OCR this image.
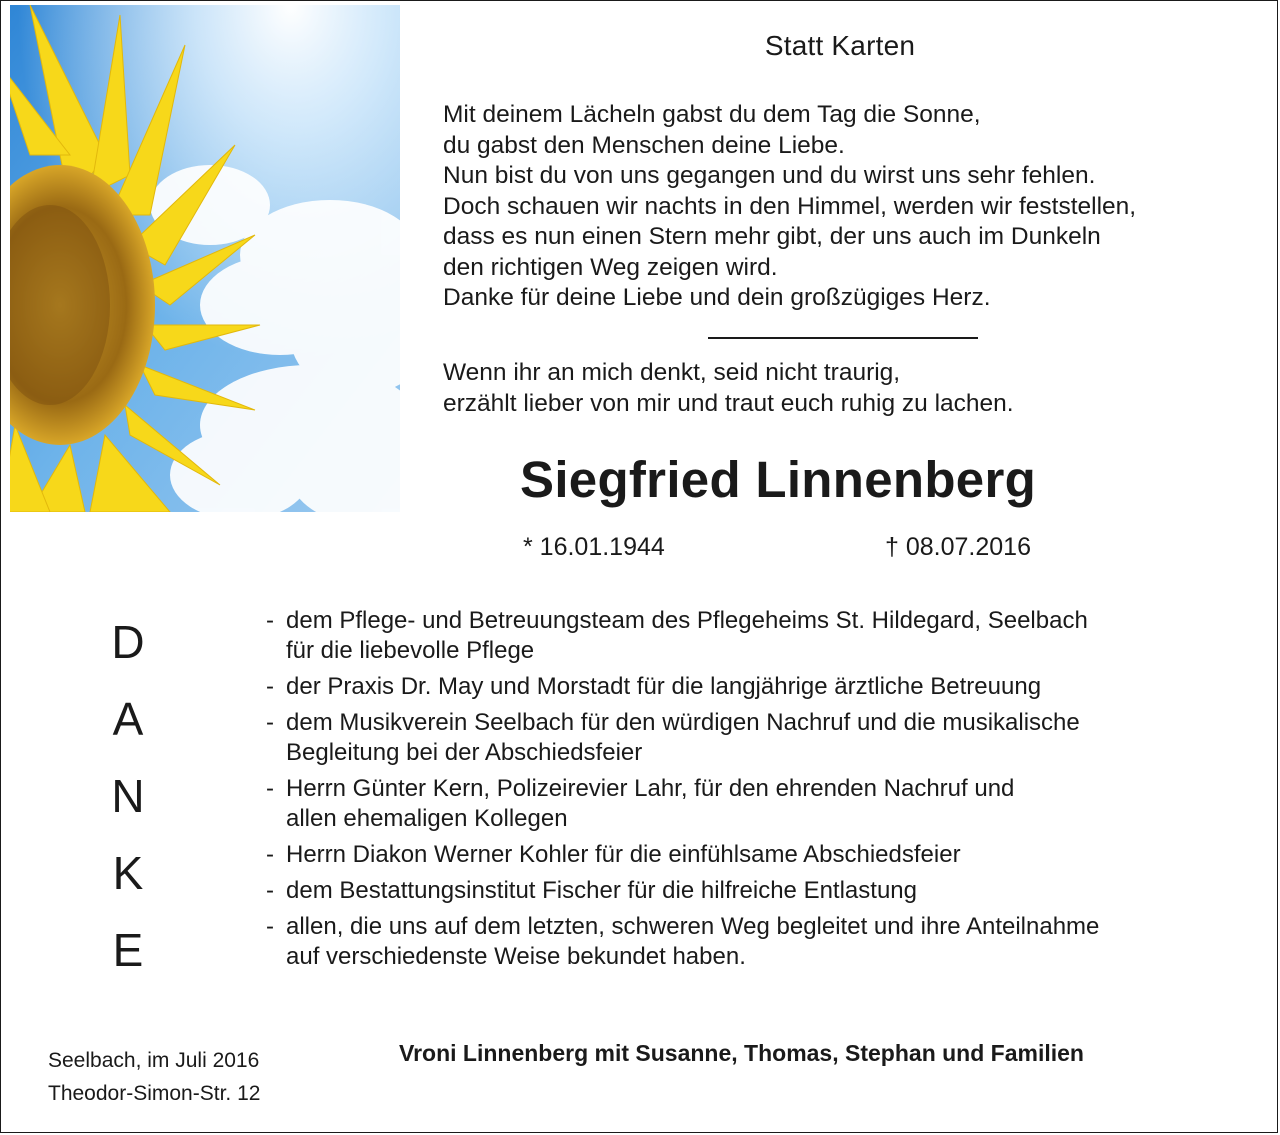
Statt Karten
Mit deinem Lächeln gabst du dem Tag die Sonne,
du gabst den Menschen deine Liebe.
Nun bist du von uns gegangen und du wirst uns sehr fehlen.
Doch schauen wir nachts in den Himmel, werden wir feststellen,
dass es nun einen Stern mehr gibt, der uns auch im Dunkeln
den richtigen Weg zeigen wird.
Danke für deine Liebe und dein großzügiges Herz.
Wenn ihr an mich denkt, seid nicht traurig,
erzählt lieber von mir und traut euch ruhig zu lachen.
Siegfried Linnenberg
* 16.01.1944	† 08.07.2016
D
A
N
K
E
- dem Pflege- und Betreuungsteam des Pflegeheims St. Hildegard, Seelbach
für die liebevolle Pflege
- der Praxis Dr. May und Morstadt für die langjährige ärztliche Betreuung
- dem Musikverein Seelbach für den würdigen Nachruf und die musikalische
Begleitung bei der Abschiedsfeier
- Herrn Günter Kern, Polizeirevier Lahr, für den ehrenden Nachruf und
allen ehemaligen Kollegen
- Herrn Diakon Werner Kohler für die einfühlsame Abschiedsfeier
- dem Bestattungsinstitut Fischer für die hilfreiche Entlastung
- allen, die uns auf dem letzten, schweren Weg begleitet und ihre Anteilnahme
auf verschiedenste Weise bekundet haben.
Seelbach, im Juli 2016
Theodor-Simon-Str. 12
Vroni Linnenberg mit Susanne, Thomas, Stephan und Familien
